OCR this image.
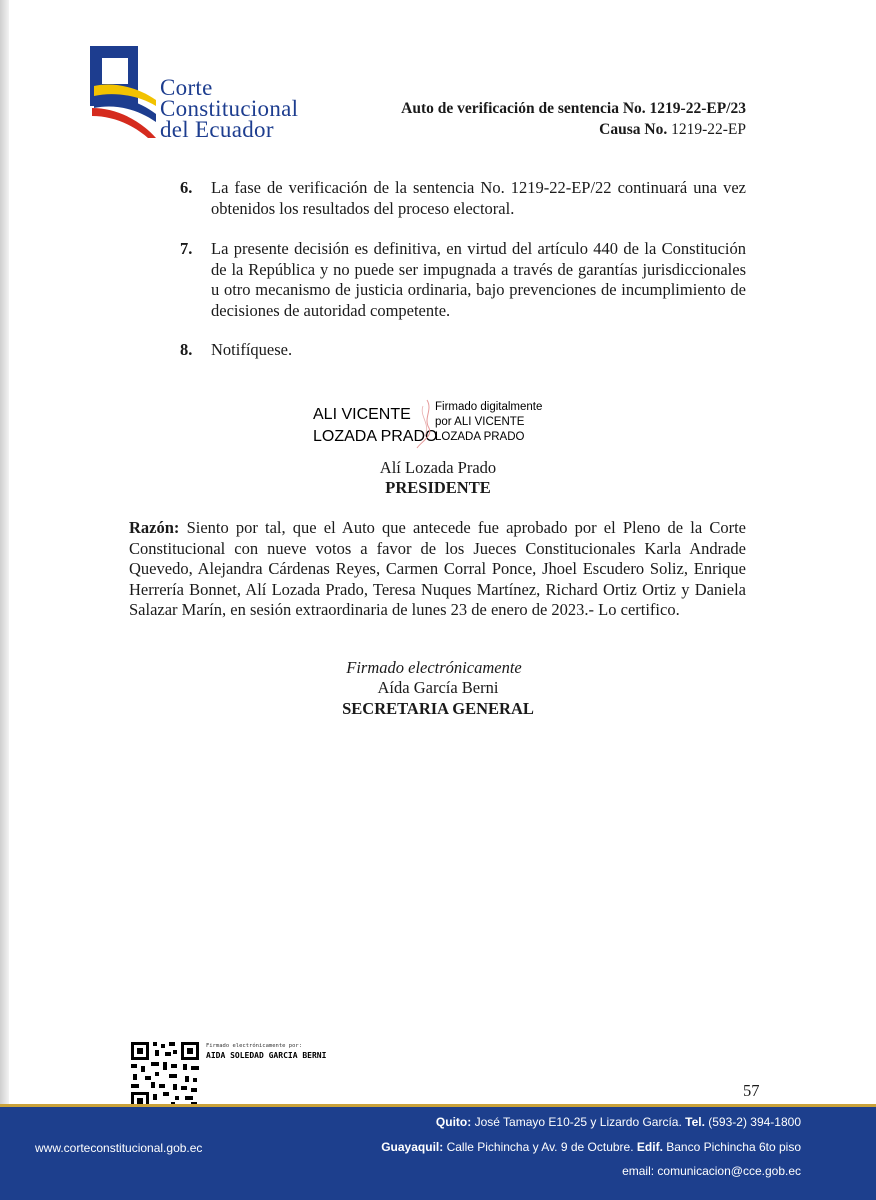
Corte
Constitucional
del Ecuador
Auto de verificación de sentencia No. 1219-22-EP/23
Causa No. 1219-22-EP
6. La fase de verificación de la sentencia No. 1219-22-EP/22 continuará una vez obtenidos los resultados del proceso electoral.
7. La presente decisión es definitiva, en virtud del artículo 440 de la Constitución de la República y no puede ser impugnada a través de garantías jurisdiccionales u otro mecanismo de justicia ordinaria, bajo prevenciones de incumplimiento de decisiones de autoridad competente.
8. Notifíquese.
ALI VICENTE
LOZADA PRADO
Firmado digitalmente
por ALI VICENTE
LOZADA PRADO
Alí Lozada Prado
PRESIDENTE
Razón: Siento por tal, que el Auto que antecede fue aprobado por el Pleno de la Corte Constitucional con nueve votos a favor de los Jueces Constitucionales Karla Andrade Quevedo, Alejandra Cárdenas Reyes, Carmen Corral Ponce, Jhoel Escudero Soliz, Enrique Herrería Bonnet, Alí Lozada Prado, Teresa Nuques Martínez, Richard Ortiz Ortiz y Daniela Salazar Marín, en sesión extraordinaria de lunes 23 de enero de 2023.- Lo certifico.
Firmado electrónicamente
Aída García Berni
SECRETARIA GENERAL
Firmado electrónicamente por:
AIDA SOLEDAD GARCIA BERNI
57
www.corteconstitucional.gob.ec
Quito: José Tamayo E10-25 y Lizardo García. Tel. (593-2) 394-1800
Guayaquil: Calle Pichincha y Av. 9 de Octubre. Edif. Banco Pichincha 6to piso
email: comunicacion@cce.gob.ec
